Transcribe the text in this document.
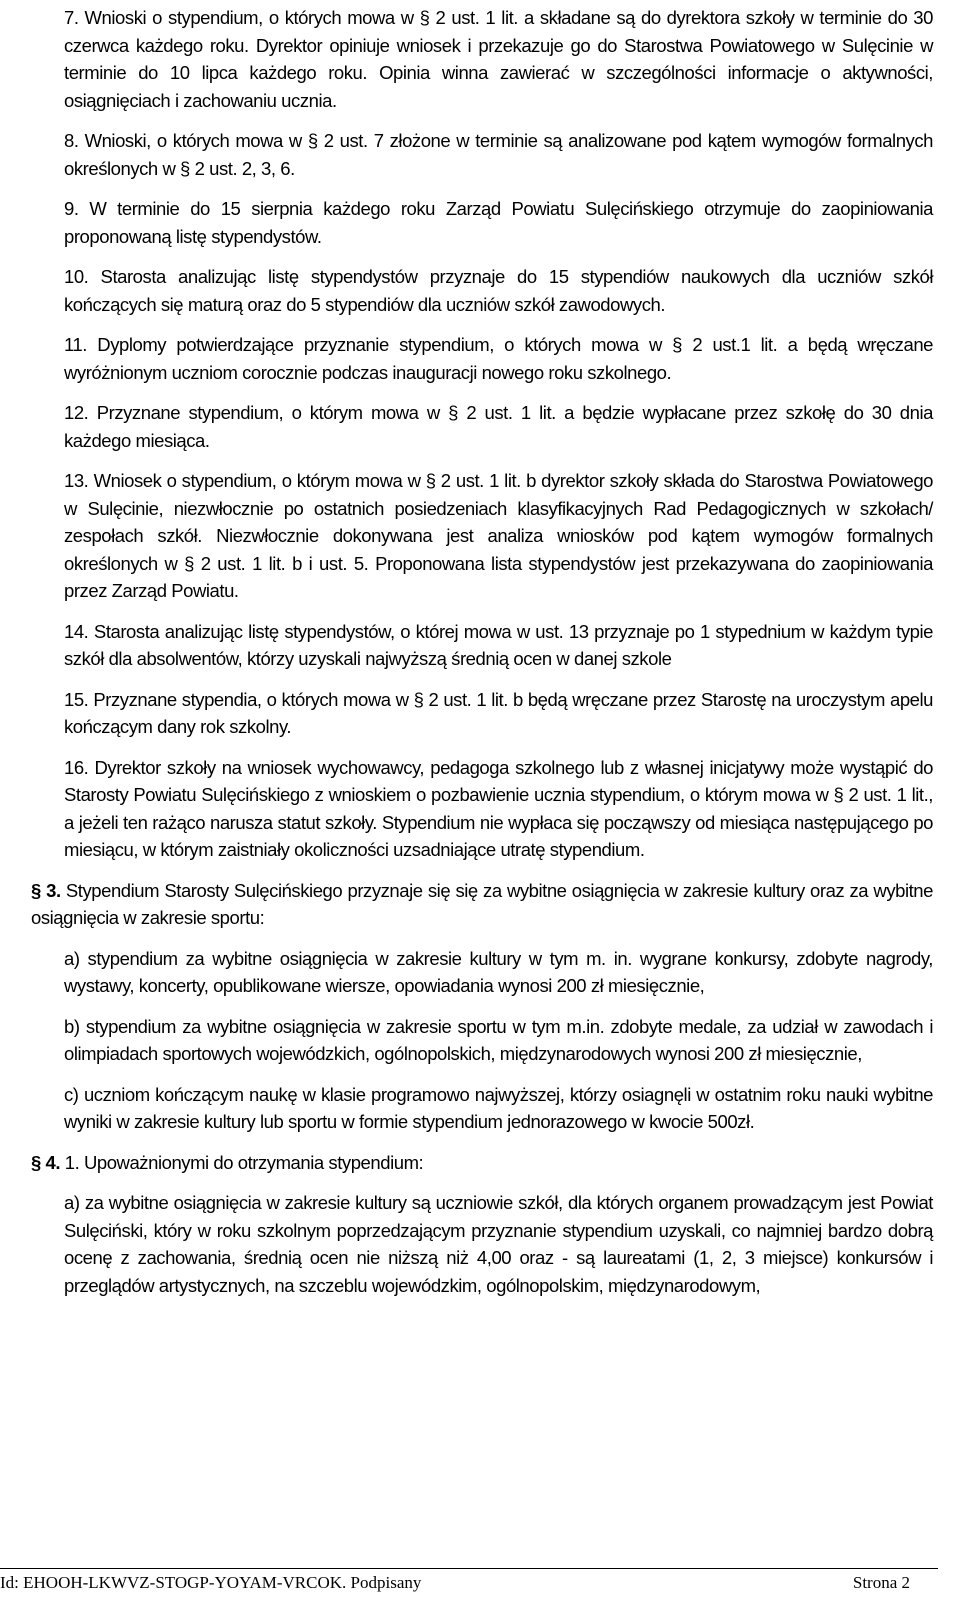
7. Wnioski o stypendium, o których mowa w § 2 ust. 1 lit. a składane są do dyrektora szkoły w terminie do 30 czerwca każdego roku. Dyrektor opiniuje wniosek i przekazuje go do Starostwa Powiatowego w Sulęcinie w terminie do 10 lipca każdego roku. Opinia winna zawierać w szczególności informacje o aktywności, osiągnięciach i zachowaniu ucznia.

8. Wnioski, o których mowa w § 2 ust. 7 złożone w terminie są analizowane pod kątem wymogów formalnych określonych w § 2 ust. 2, 3, 6.

9. W terminie do 15 sierpnia każdego roku Zarząd Powiatu Sulęcińskiego otrzymuje do zaopiniowania proponowaną listę stypendystów.

10. Starosta analizując listę stypendystów przyznaje do 15 stypendiów naukowych dla uczniów szkół kończących się maturą oraz do 5 stypendiów dla uczniów szkół zawodowych.

11. Dyplomy potwierdzające przyznanie stypendium, o których mowa w § 2 ust.1 lit. a będą wręczane wyróżnionym uczniom corocznie podczas inauguracji nowego roku szkolnego.

12. Przyznane stypendium, o którym mowa w § 2 ust. 1 lit. a będzie wypłacane przez szkołę do 30 dnia każdego miesiąca.

13. Wniosek o stypendium, o którym mowa w § 2 ust. 1 lit. b dyrektor szkoły składa do Starostwa Powiatowego w Sulęcinie, niezwłocznie po ostatnich posiedzeniach klasyfikacyjnych Rad Pedagogicznych w szkołach/ zespołach szkół. Niezwłocznie dokonywana jest analiza wniosków pod kątem wymogów formalnych określonych w § 2 ust. 1 lit. b i ust. 5. Proponowana lista stypendystów jest przekazywana do zaopiniowania przez Zarząd Powiatu.

14. Starosta analizując listę stypendystów, o której mowa w ust. 13 przyznaje po 1 stypednium w każdym typie szkół dla absolwentów, którzy uzyskali najwyższą średnią ocen w danej szkole

15. Przyznane stypendia, o których mowa w § 2 ust. 1 lit. b będą wręczane przez Starostę na uroczystym apelu kończącym dany rok szkolny.

16. Dyrektor szkoły na wniosek wychowawcy, pedagoga szkolnego lub z własnej inicjatywy może wystąpić do Starosty Powiatu Sulęcińskiego z wnioskiem o pozbawienie ucznia stypendium, o którym mowa w § 2 ust. 1 lit., a jeżeli ten rażąco narusza statut szkoły. Stypendium nie wypłaca się począwszy od miesiąca następującego po miesiącu, w którym zaistniały okoliczności uzsadniające utratę stypendium.

§ 3. Stypendium Starosty Sulęcińskiego przyznaje się się za wybitne osiągnięcia w zakresie kultury oraz za wybitne osiągnięcia w zakresie sportu:

a) stypendium za wybitne osiągnięcia w zakresie kultury w tym m. in. wygrane konkursy, zdobyte nagrody, wystawy, koncerty, opublikowane wiersze, opowiadania wynosi 200 zł miesięcznie,

b) stypendium za wybitne osiągnięcia w zakresie sportu w tym m.in. zdobyte medale, za udział w zawodach i olimpiadach sportowych wojewódzkich, ogólnopolskich, międzynarodowych wynosi 200 zł miesięcznie,

c) uczniom kończącym naukę w klasie programowo najwyższej, którzy osiagnęli w ostatnim roku nauki wybitne wyniki w zakresie kultury lub sportu w formie stypendium jednorazowego w kwocie 500zł.

§ 4. 1. Upoważnionymi do otrzymania stypendium:

a) za wybitne osiągnięcia w zakresie kultury są uczniowie szkół, dla których organem prowadzącym jest Powiat Sulęciński, który w roku szkolnym poprzedzającym przyznanie stypendium uzyskali, co najmniej bardzo dobrą ocenę z zachowania, średnią ocen nie niższą niż 4,00 oraz - są laureatami (1, 2, 3 miejsce) konkursów i przeglądów artystycznych, na szczeblu wojewódzkim, ogólnopolskim, międzynarodowym,

Id: EHOOH-LKWVZ-STOGP-YOYAM-VRCOK. Podpisany	Strona 2
